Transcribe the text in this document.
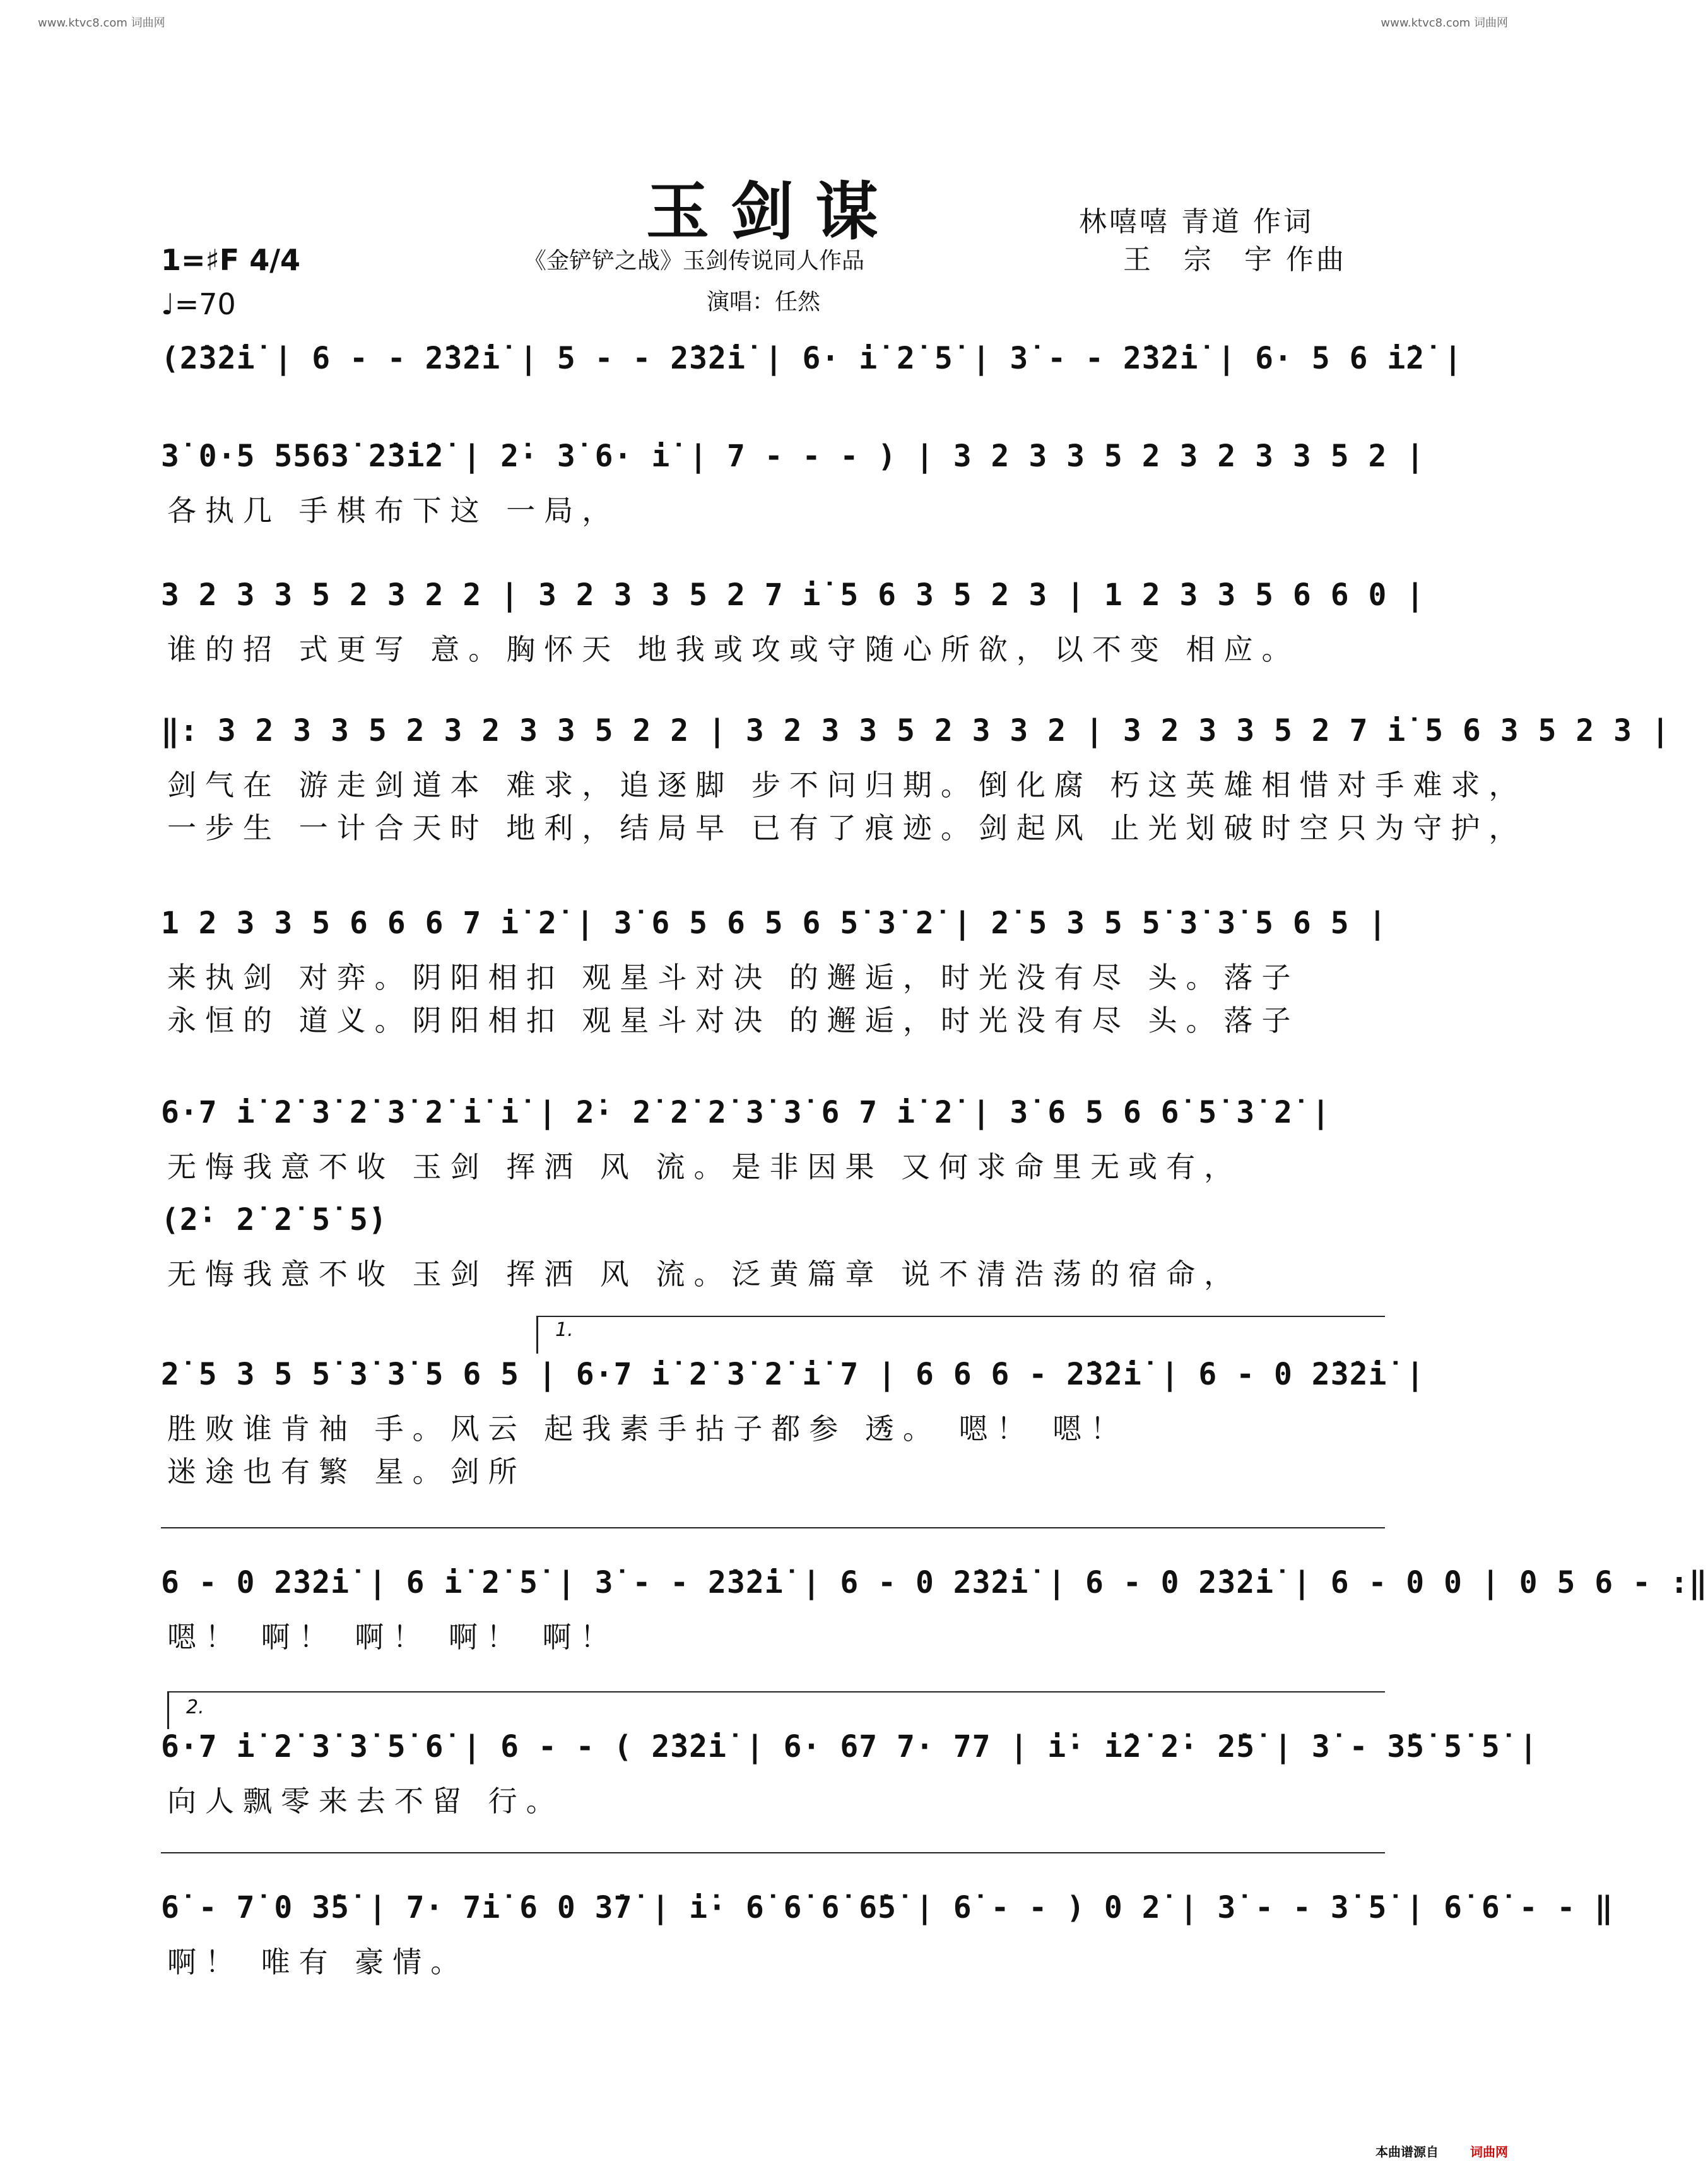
www.ktvc8.com 词曲网	www.ktvc8.com 词曲网
玉剑谋	林嘻嘻 青道 作词
王　宗　宇 作曲
《金铲铲之战》玉剑传说同人作品
演唱：任然
1=♯F 4/4
♩=70
(2̇3̇2̇i̇ | 6 - - 2̇3̇2̇i̇ | 5 - - 2̇3̇2̇i̇ | 6· i̇ 2̇ 5̇ | 3̇ - - 2̇3̇2̇i̇ | 6· 5 6 i̇2̇ |
3̇ 0·5 5563̇ 2̇3̇i̇2̇ | 2̇· 3̇ 6· i̇ | 7 - - - ) | 3 2 3 3 5 2 3 2 3 3 5 2 |
各执几 手棋布下这 一局，
3 2 3 3 5 2 3 2 2 | 3 2 3 3 5 2 7 i̇ 5 6 3 5 2 3 | 1 2 3 3 5 6 6 0 |
谁的招 式更写 意。胸怀天 地我或攻或守随心所欲，以不变 相应。
‖: 3 2 3 3 5 2 3 2 3 3 5 2 2 | 3 2 3 3 5 2 3 3 2 | 3 2 3 3 5 2 7 i̇ 5 6 3 5 2 3 |
剑气在 游走剑道本 难求，追逐脚 步不问归期。倒化腐 朽这英雄相惜对手难求，
一步生 一计合天时 地利，结局早 已有了痕迹。剑起风 止光划破时空只为守护，
1 2 3 3 5 6 6 6 7 i̇ 2̇ | 3̇ 6 5 6 5 6 5̇ 3̇ 2̇ | 2̇ 5 3 5 5̇ 3̇ 3̇ 5 6 5 |
来执剑 对弈。阴阳相扣 观星斗对决 的邂逅，时光没有尽 头。落子
永恒的 道义。阴阳相扣 观星斗对决 的邂逅，时光没有尽 头。落子
6·7 i̇ 2̇ 3̇ 2̇ 3̇ 2̇ i̇ i̇ | 2̇· 2̇ 2̇ 2̇ 3̇ 3̇ 6 7 i̇ 2̇ | 3̇ 6 5 6 6̇ 5̇ 3̇ 2̇ |
无悔我意不收 玉剑 挥洒 风 流。是非因果 又何求命里无或有，
(2̇· 2̇ 2̇ 5̇ 5̇)
无悔我意不收 玉剑 挥洒 风 流。泛黄篇章 说不清浩荡的宿命，
2̇ 5 3 5 5̇ 3̇ 3̇ 5 6 5 | 6·7 i̇ 2̇ 3̇ 2̇ i̇ 7 | 6 6 6 - 2̇3̇2̇i̇ | 6 - 0 2̇3̇2̇i̇ |
胜败谁肯袖 手。风云 起我素手拈子都参 透。 嗯！ 嗯！
迷途也有繁 星。剑所
6 - 0 2̇3̇2̇i̇ | 6 i̇ 2̇ 5̇ | 3̇ - - 2̇3̇2̇i̇ | 6 - 0 2̇3̇2̇i̇ | 6 - 0 2̇3̇2̇i̇ | 6 - 0 0 | 0 5 6 - :‖
嗯！ 啊！ 啊！ 啊！ 啊！
6·7 i̇ 2̇ 3̇ 3̇ 5̇ 6̇ | 6 - - ( 2̇3̇2̇i̇ | 6· 67 7· 77 | i̇· i̇2̇ 2̇· 2̇5̇ | 3̇ - 3̇5̇ 5̇ 5̇ |
向人飘零来去不留 行。
6̇ - 7̇ 0 3̇5̇ | 7· 7i̇ 6 0 3̇7̇ | i̇· 6̇ 6̇ 6̇ 6̇5̇ | 6̇ - - ) 0 2̇ | 3̇ - - 3̇ 5̇ | 6̇ 6̇ - - ‖
啊！ 唯有 豪情。
1.
2.
本曲谱源自	词曲网
